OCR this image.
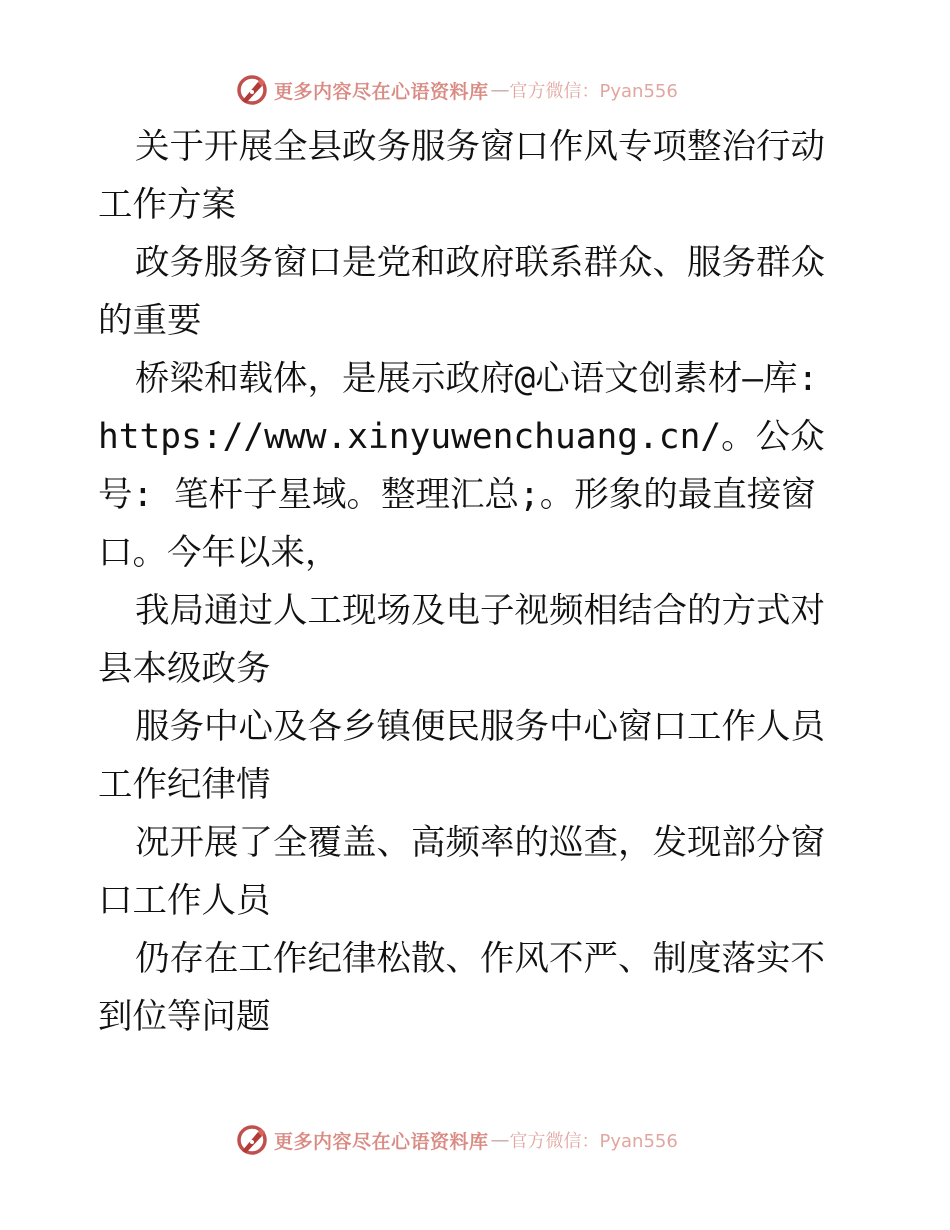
更多内容尽在心语资料库 — 官方微信：Pyan556

关于开展全县政务服务窗口作风专项整治行动工作方案

政务服务窗口是党和政府联系群众、服务群众的重要

桥梁和载体，是展示政府@心语文创素材—库: https://www.xinyuwenchuang.cn/。公众号: 笔杆子星域。整理汇总;。形象的最直接窗口。今年以来，

我局通过人工现场及电子视频相结合的方式对县本级政务

服务中心及各乡镇便民服务中心窗口工作人员工作纪律情

况开展了全覆盖、高频率的巡查，发现部分窗口工作人员

仍存在工作纪律松散、作风不严、制度落实不到位等问题

更多内容尽在心语资料库 — 官方微信：Pyan556
